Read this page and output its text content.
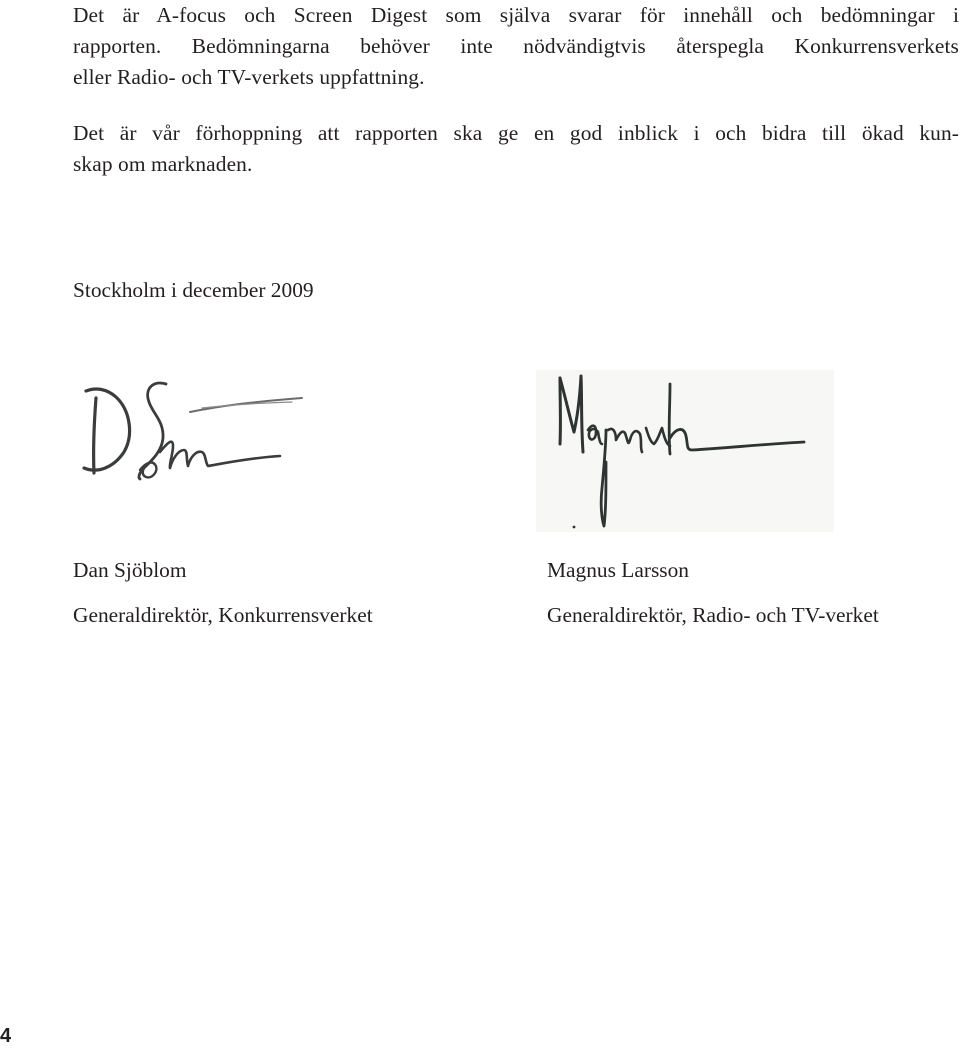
Det är A-focus och Screen Digest som själva svarar för innehåll och bedömningar i
rapporten. Bedömningarna behöver inte nödvändigtvis återspegla Konkurrensverkets
eller Radio- och TV-verkets uppfattning.
Det är vår förhoppning att rapporten ska ge en god inblick i och bidra till ökad kun-
skap om marknaden.

Stockholm i december 2009

Dan Sjöblom

Generaldirektör, Konkurrensverket

Magnus Larsson

Generaldirektör, Radio- och TV-verket

4
